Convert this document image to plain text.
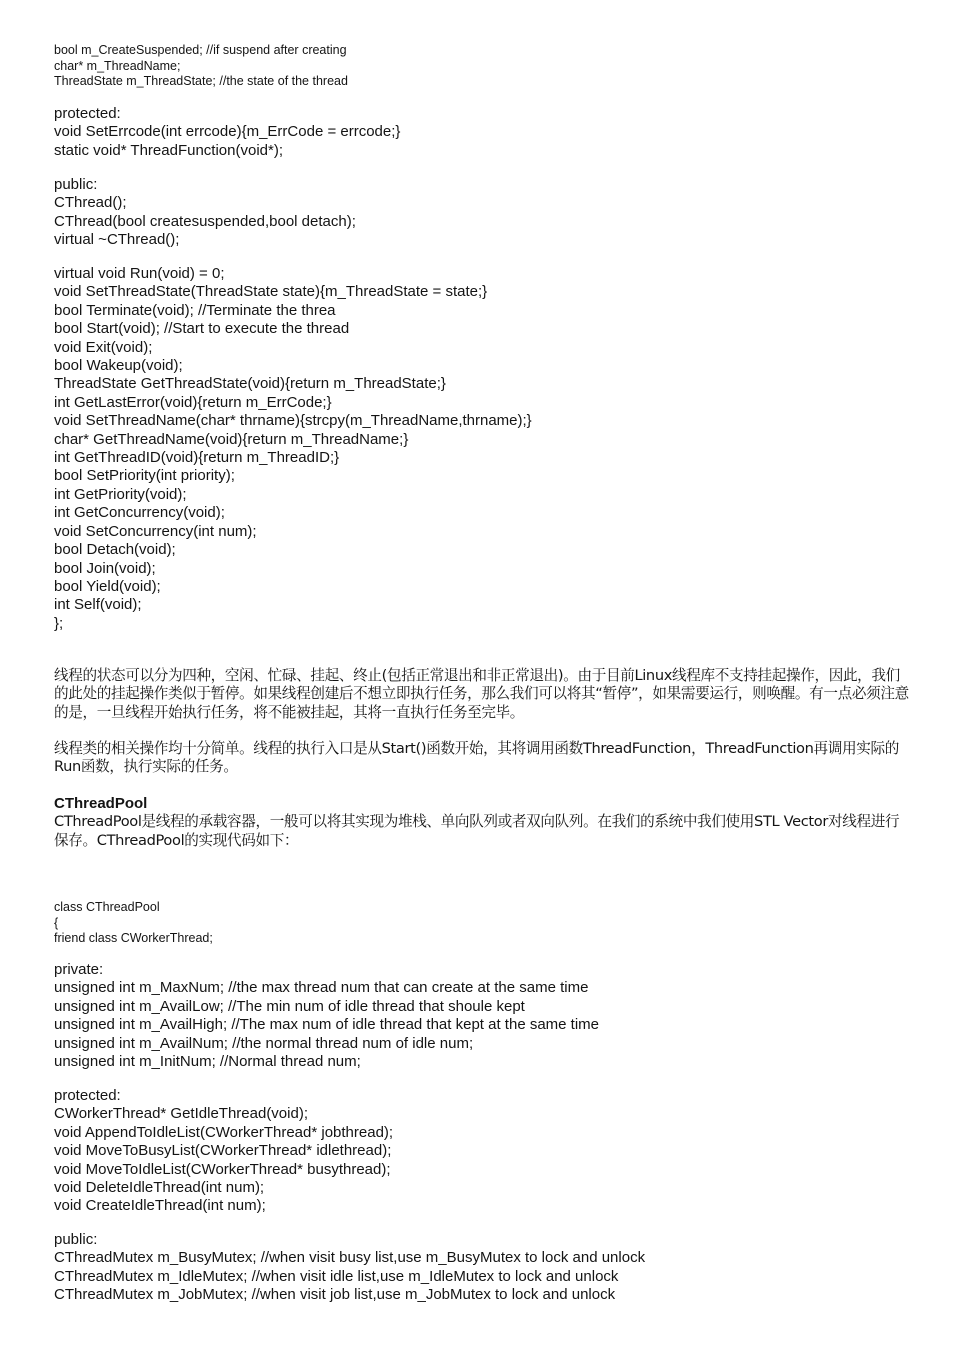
bool m_CreateSuspended; //if suspend after creating
char* m_ThreadName;
ThreadState m_ThreadState; //the state of the thread
protected:
void SetErrcode(int errcode){m_ErrCode = errcode;}
static void* ThreadFunction(void*);
public:
CThread();
CThread(bool createsuspended,bool detach);
virtual ~CThread();
virtual void Run(void) = 0;
void SetThreadState(ThreadState state){m_ThreadState = state;}
bool Terminate(void); //Terminate the threa
bool Start(void); //Start to execute the thread
void Exit(void);
bool Wakeup(void);
ThreadState GetThreadState(void){return m_ThreadState;}
int GetLastError(void){return m_ErrCode;}
void SetThreadName(char* thrname){strcpy(m_ThreadName,thrname);}
char* GetThreadName(void){return m_ThreadName;}
int GetThreadID(void){return m_ThreadID;}
bool SetPriority(int priority);
int GetPriority(void);
int GetConcurrency(void);
void SetConcurrency(int num);
bool Detach(void);
bool Join(void);
bool Yield(void);
int Self(void);
};

线程的状态可以分为四种，空闲、忙碌、挂起、终止(包括正常退出和非正常退出)。由于目前Linux线程库不支持挂起操作，因此，我们的此处的挂起操作类似于暂停。如果线程创建后不想立即执行任务，那么我们可以将其“暂停”，如果需要运行，则唤醒。有一点必须注意的是，一旦线程开始执行任务，将不能被挂起，其将一直执行任务至完毕。

线程类的相关操作均十分简单。线程的执行入口是从Start()函数开始，其将调用函数ThreadFunction，ThreadFunction再调用实际的Run函数，执行实际的任务。

CThreadPool

CThreadPool是线程的承载容器，一般可以将其实现为堆栈、单向队列或者双向队列。在我们的系统中我们使用STL Vector对线程进行保存。CThreadPool的实现代码如下：

class CThreadPool
{
friend class CWorkerThread;
private:
unsigned int m_MaxNum; //the max thread num that can create at the same time
unsigned int m_AvailLow; //The min num of idle thread that shoule kept
unsigned int m_AvailHigh; //The max num of idle thread that kept at the same time
unsigned int m_AvailNum; //the normal thread num of idle num;
unsigned int m_InitNum; //Normal thread num;
protected:
CWorkerThread* GetIdleThread(void);
void AppendToIdleList(CWorkerThread* jobthread);
void MoveToBusyList(CWorkerThread* idlethread);
void MoveToIdleList(CWorkerThread* busythread);
void DeleteIdleThread(int num);
void CreateIdleThread(int num);
public:
CThreadMutex m_BusyMutex; //when visit busy list,use m_BusyMutex to lock and unlock
CThreadMutex m_IdleMutex; //when visit idle list,use m_IdleMutex to lock and unlock
CThreadMutex m_JobMutex; //when visit job list,use m_JobMutex to lock and unlock
